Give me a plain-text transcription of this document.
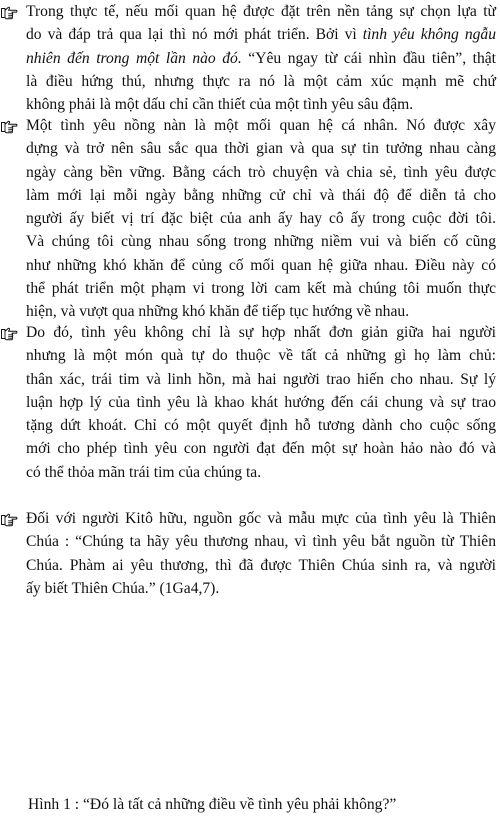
Trong thực tế, nếu mối quan hệ được đặt trên nền tảng sự chọn lựa từ
do và đáp trả qua lại thì nó mới phát triển. Bởi vì tình yêu không ngẫu
nhiên đến trong một lần nào đó. “Yêu ngay từ cái nhìn đầu tiên”, thật
là điều hứng thú, nhưng thực ra nó là một cảm xúc mạnh mẽ chứ
không phải là một dấu chỉ cần thiết của một tình yêu sâu đậm.
Một tình yêu nồng nàn là một mối quan hệ cá nhân. Nó được xây
dựng và trở nên sâu sắc qua thời gian và qua sự tin tưởng nhau càng
ngày càng bền vững. Bằng cách trò chuyện và chia sẻ, tình yêu được
làm mới lại mỗi ngày bằng những cử chỉ và thái độ để diễn tả cho
người ấy biết vị trí đặc biệt của anh ấy hay cô ấy trong cuộc đời tôi.
Và chúng tôi cùng nhau sống trong những niềm vui và biến cố cũng
như những khó khăn để củng cố mối quan hệ giữa nhau. Điều này có
thể phát triển một phạm vi trong lời cam kết mà chúng tôi muốn thực
hiện, và vượt qua những khó khăn để tiếp tục hướng về nhau.
Do đó, tình yêu không chỉ là sự hợp nhất đơn giản giữa hai người
nhưng là một món quà tự do thuộc về tất cả những gì họ làm chủ:
thân xác, trái tim và linh hồn, mà hai người trao hiến cho nhau. Sự lý
luận hợp lý của tình yêu là khao khát hướng đến cái chung và sự trao
tặng dứt khoát. Chỉ có một quyết định hỗ tương dành cho cuộc sống
mới cho phép tình yêu con người đạt đến một sự hoàn hảo nào đó và
có thể thỏa mãn trái tim của chúng ta.
Đối với người Kitô hữu, nguồn gốc và mẫu mực của tình yêu là Thiên
Chúa : “Chúng ta hãy yêu thương nhau, vì tình yêu bắt nguồn từ Thiên
Chúa. Phàm ai yêu thương, thì đã được Thiên Chúa sinh ra, và người
ấy biết Thiên Chúa.” (1Ga4,7).
Hình 1 : “Đó là tất cả những điều về tình yêu phải không?”
